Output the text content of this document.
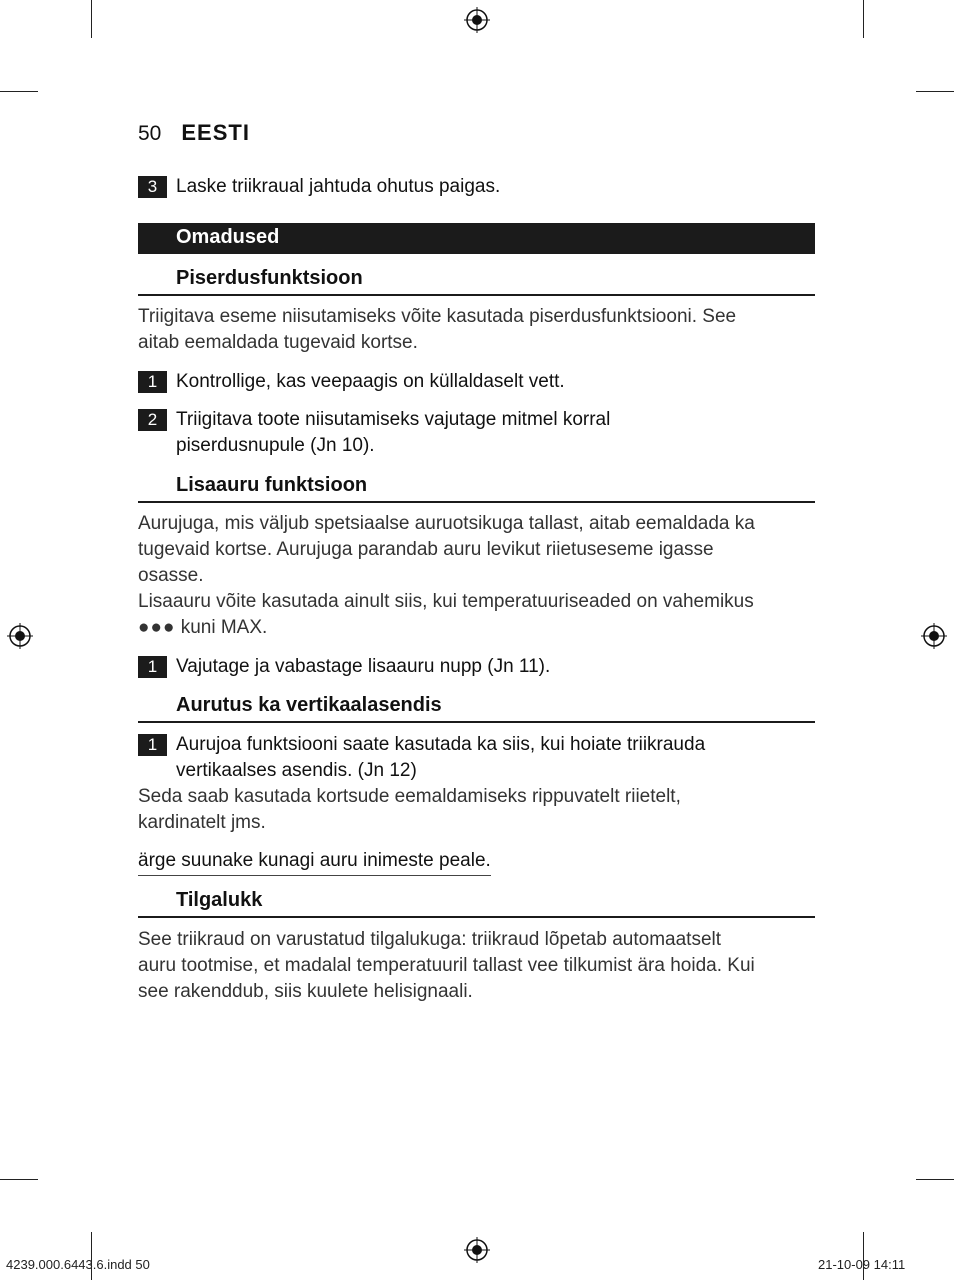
50 EESTI
3 Laske triikraual jahtuda ohutus paigas.
Omadused
Piserdusfunktsioon
Triigitava eseme niisutamiseks võite kasutada piserdusfunktsiooni. See
aitab eemaldada tugevaid kortse.
1 Kontrollige, kas veepaagis on küllaldaselt vett.
2 Triigitava toote niisutamiseks vajutage mitmel korral
piserdusnupule (Jn 10).
Lisaauru funktsioon
Aurujuga, mis väljub spetsiaalse auruotsikuga tallast, aitab eemaldada ka
tugevaid kortse. Aurujuga parandab auru levikut riietuseseme igasse
osasse.
Lisaauru võite kasutada ainult siis, kui temperatuuriseaded on vahemikus
●●● kuni MAX.
1 Vajutage ja vabastage lisaauru nupp (Jn 11).
Aurutus ka vertikaalasendis
1 Aurujoa funktsiooni saate kasutada ka siis, kui hoiate triikrauda
vertikaalses asendis. (Jn 12)
Seda saab kasutada kortsude eemaldamiseks rippuvatelt riietelt,
kardinatelt jms.
ärge suunake kunagi auru inimeste peale.
Tilgalukk
See triikraud on varustatud tilgalukuga: triikraud lõpetab automaatselt
auru tootmise, et madalal temperatuuril tallast vee tilkumist ära hoida. Kui
see rakenddub, siis kuulete helisignaali.
4239.000.6443.6.indd 50	21-10-09 14:11
